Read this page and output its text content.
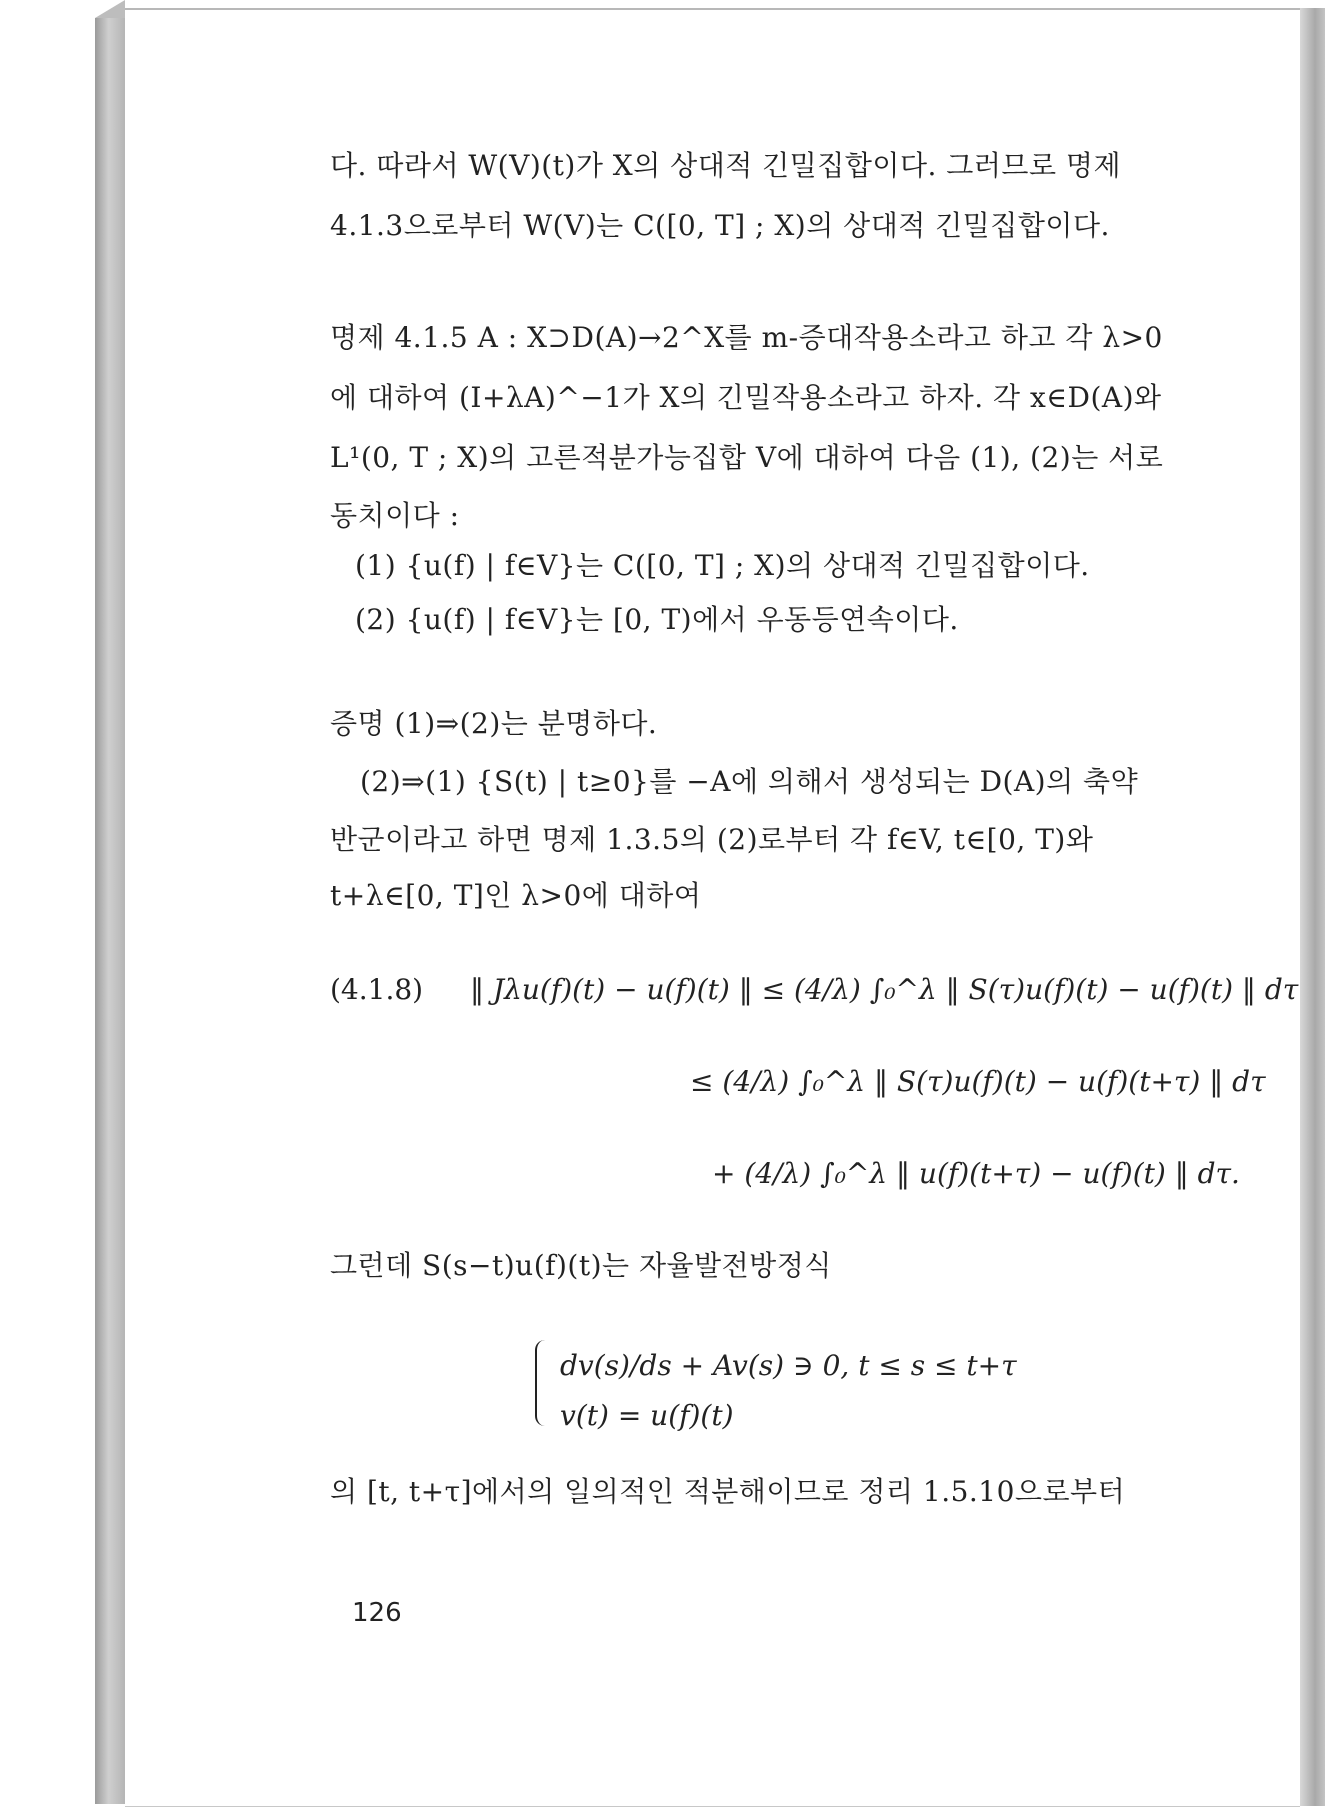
다. 따라서 W(V)(t)가 X의 상대적 긴밀집합이다. 그러므로 명제
4.1.3으로부터 W(V)는 C([0, T] ; X)의 상대적 긴밀집합이다.
명제 4.1.5 A : X⊃D(A)→2^X를 m-증대작용소라고 하고 각 λ>0
에 대하여 (I+λA)^−1가 X의 긴밀작용소라고 하자. 각 x∈D(A)와
L¹(0, T ; X)의 고른적분가능집합 V에 대하여 다음 (1), (2)는 서로
동치이다 :
(1) {u(f) | f∈V}는 C([0, T] ; X)의 상대적 긴밀집합이다.
(2) {u(f) | f∈V}는 [0, T)에서 우동등연속이다.
증명 (1)⇒(2)는 분명하다.
(2)⇒(1) {S(t) | t≥0}를 −A에 의해서 생성되는 D(A)의 축약
반군이라고 하면 명제 1.3.5의 (2)로부터 각 f∈V, t∈[0, T)와
t+λ∈[0, T]인 λ>0에 대하여
(4.1.8) ‖ Jλu(f)(t) − u(f)(t) ‖ ≤ (4/λ) ∫₀^λ ‖ S(τ)u(f)(t) − u(f)(t) ‖ dτ
≤ (4/λ) ∫₀^λ ‖ S(τ)u(f)(t) − u(f)(t+τ) ‖ dτ
+ (4/λ) ∫₀^λ ‖ u(f)(t+τ) − u(f)(t) ‖ dτ.
그런데 S(s−t)u(f)(t)는 자율발전방정식
dv(s)/ds + Av(s) ∋ 0, t ≤ s ≤ t+τ
v(t) = u(f)(t)
의 [t, t+τ]에서의 일의적인 적분해이므로 정리 1.5.10으로부터
126
